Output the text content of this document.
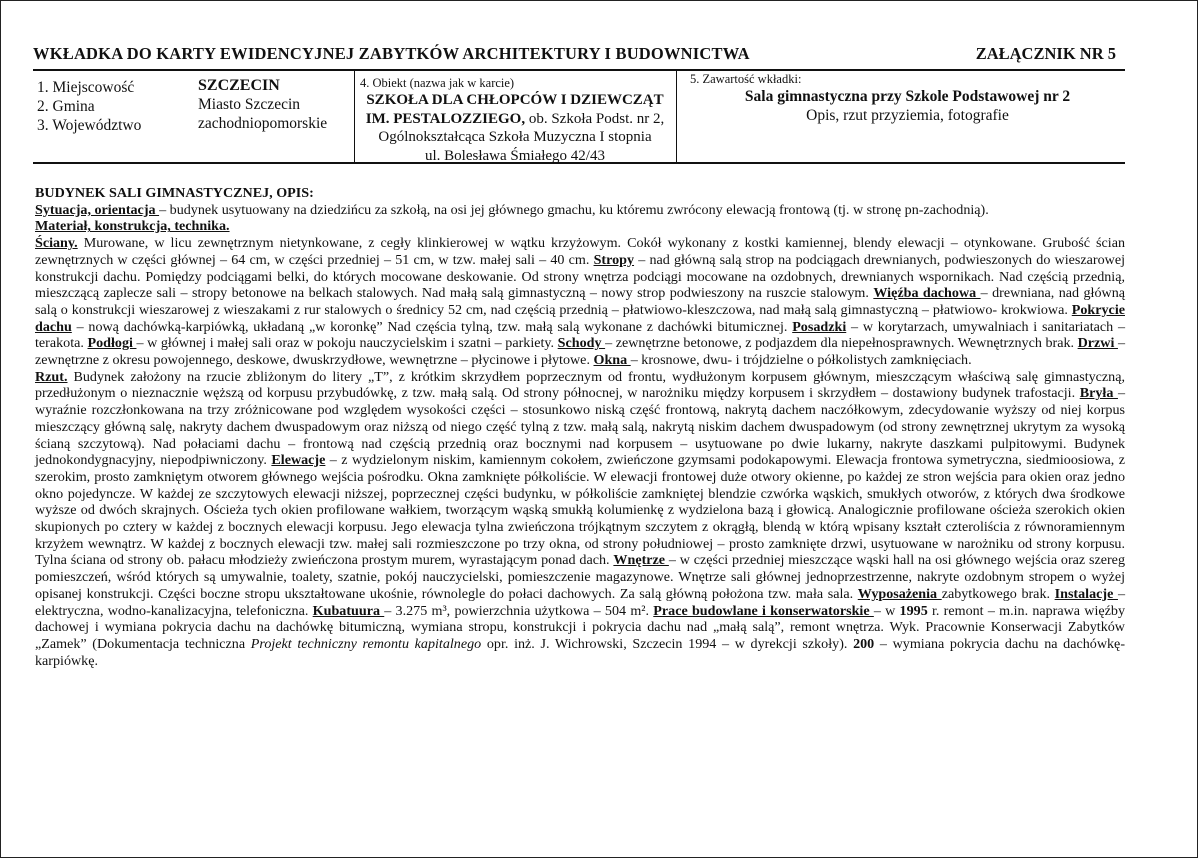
WKŁADKA DO KARTY EWIDENCYJNEJ ZABYTKÓW ARCHITEKTURY I BUDOWNICTWA	ZAŁĄCZNIK NR 5
1. Miejscowość
2. Gmina
3. Województwo
SZCZECIN
Miasto Szczecin
zachodniopomorskie
4. Obiekt (nazwa jak w karcie)
SZKOŁA DLA CHŁOPCÓW I DZIEWCZĄT
IM. PESTALOZZIEGO, ob. Szkoła Podst. nr 2,
Ogólnokształcąca Szkoła Muzyczna I stopnia
ul. Bolesława Śmiałego 42/43
5. Zawartość wkładki:
Sala gimnastyczna przy Szkole Podstawowej nr 2
Opis, rzut przyziemia, fotografie

BUDYNEK SALI GIMNASTYCZNEJ, OPIS:

Sytuacja, orientacja – budynek usytuowany na dziedzińcu za szkołą, na osi jej głównego gmachu, ku któremu zwrócony elewacją frontową (tj. w stronę pn-zachodnią).

Materiał, konstrukcja, technika.

Ściany. Murowane, w licu zewnętrznym nietynkowane, z cegły klinkierowej w wątku krzyżowym. Cokół wykonany z kostki kamiennej, blendy elewacji – otynkowane. Grubość ścian zewnętrznych w części głównej – 64 cm, w części przedniej – 51 cm, w tzw. małej sali – 40 cm. Stropy – nad główną salą strop na podciągach drewnianych, podwieszonych do wieszarowej konstrukcji dachu. Pomiędzy podciągami belki, do których mocowane deskowanie. Od strony wnętrza podciągi mocowane na ozdobnych, drewnianych wspornikach. Nad częścią przednią, mieszczącą zaplecze sali – stropy betonowe na belkach stalowych. Nad małą salą gimnastyczną – nowy strop podwieszony na ruszcie stalowym. Więźba dachowa – drewniana, nad główną salą o konstrukcji wieszarowej z wieszakami z rur stalowych o średnicy 52 cm, nad częścią przednią – płatwiowo-kleszczowa, nad małą salą gimnastyczną – płatwiowo- krokwiowa. Pokrycie dachu – nową dachówką-karpiówką, układaną „w koronkę” Nad częścia tylną, tzw. małą salą wykonane z dachówki bitumicznej. Posadzki – w korytarzach, umywalniach i sanitariatach – terakota. Podłogi – w głównej i małej sali oraz w pokoju nauczycielskim i szatni – parkiety. Schody – zewnętrzne betonowe, z podjazdem dla niepełnosprawnych. Wewnętrznych brak. Drzwi – zewnętrzne z okresu powojennego, deskowe, dwuskrzydłowe, wewnętrzne – płycinowe i płytowe. Okna – krosnowe, dwu- i trójdzielne o półkolistych zamknięciach.

Rzut. Budynek założony na rzucie zbliżonym do litery „T”, z krótkim skrzydłem poprzecznym od frontu, wydłużonym korpusem głównym, mieszczącym właściwą salę gimnastyczną, przedłużonym o nieznacznie węższą od korpusu przybudówkę, z tzw. małą salą. Od strony północnej, w narożniku między korpusem i skrzydłem – dostawiony budynek trafostacji. Bryła – wyraźnie rozczłonkowana na trzy zróżnicowane pod względem wysokości części – stosunkowo niską część frontową, nakrytą dachem naczółkowym, zdecydowanie wyższy od niej korpus mieszczący główną salę, nakryty dachem dwuspadowym oraz niższą od niego część tylną z tzw. małą salą, nakrytą niskim dachem dwuspadowym (od strony zewnętrznej ukrytym za wysoką ścianą szczytową). Nad połaciami dachu – frontową nad częścią przednią oraz bocznymi nad korpusem – usytuowane po dwie lukarny, nakryte daszkami pulpitowymi. Budynek jednokondygnacyjny, niepodpiwniczony. Elewacje – z wydzielonym niskim, kamiennym cokołem, zwieńczone gzymsami podokapowymi. Elewacja frontowa symetryczna, siedmioosiowa, z szerokim, prosto zamkniętym otworem głównego wejścia pośrodku. Okna zamknięte półkoliście. W elewacji frontowej duże otwory okienne, po każdej ze stron wejścia para okien oraz jedno okno pojedyncze. W każdej ze szczytowych elewacji niższej, poprzecznej części budynku, w półkoliście zamkniętej blendzie czwórka wąskich, smukłych otworów, z których dwa środkowe wyższe od dwóch skrajnych. Ościeża tych okien profilowane wałkiem, tworzącym wąską smukłą kolumienkę z wydzielona bazą i głowicą. Analogicznie profilowane ościeża szerokich okien skupionych po cztery w każdej z bocznych elewacji korpusu. Jego elewacja tylna zwieńczona trójkątnym szczytem z okrągłą, blendą w którą wpisany kształt czteroliścia z równoramiennym krzyżem wewnątrz. W każdej z bocznych elewacji tzw. małej sali rozmieszczone po trzy okna, od strony południowej – prosto zamknięte drzwi, usytuowane w narożniku od strony korpusu. Tylna ściana od strony ob. pałacu młodzieży zwieńczona prostym murem, wyrastającym ponad dach. Wnętrze – w części przedniej mieszczące wąski hall na osi głównego wejścia oraz szereg pomieszczeń, wśród których są umywalnie, toalety, szatnie, pokój nauczycielski, pomieszczenie magazynowe. Wnętrze sali głównej jednoprzestrzenne, nakryte ozdobnym stropem o wyżej opisanej konstrukcji. Części boczne stropu ukształtowane ukośnie, równolegle do połaci dachowych. Za salą główną położona tzw. mała sala. Wyposażenia zabytkowego brak. Instalacje – elektryczna, wodno-kanalizacyjna, telefoniczna. Kubatuura – 3.275 m³, powierzchnia użytkowa – 504 m². Prace budowlane i konserwatorskie – w 1995 r. remont – m.in. naprawa więźby dachowej i wymiana pokrycia dachu na dachówkę bitumiczną, wymiana stropu, konstrukcji i pokrycia dachu nad „małą salą”, remont wnętrza. Wyk. Pracownie Konserwacji Zabytków „Zamek” (Dokumentacja techniczna Projekt techniczny remontu kapitalnego opr. inż. J. Wichrowski, Szczecin 1994 – w dyrekcji szkoły). 200 – wymiana pokrycia dachu na dachówkę-karpiówkę.
